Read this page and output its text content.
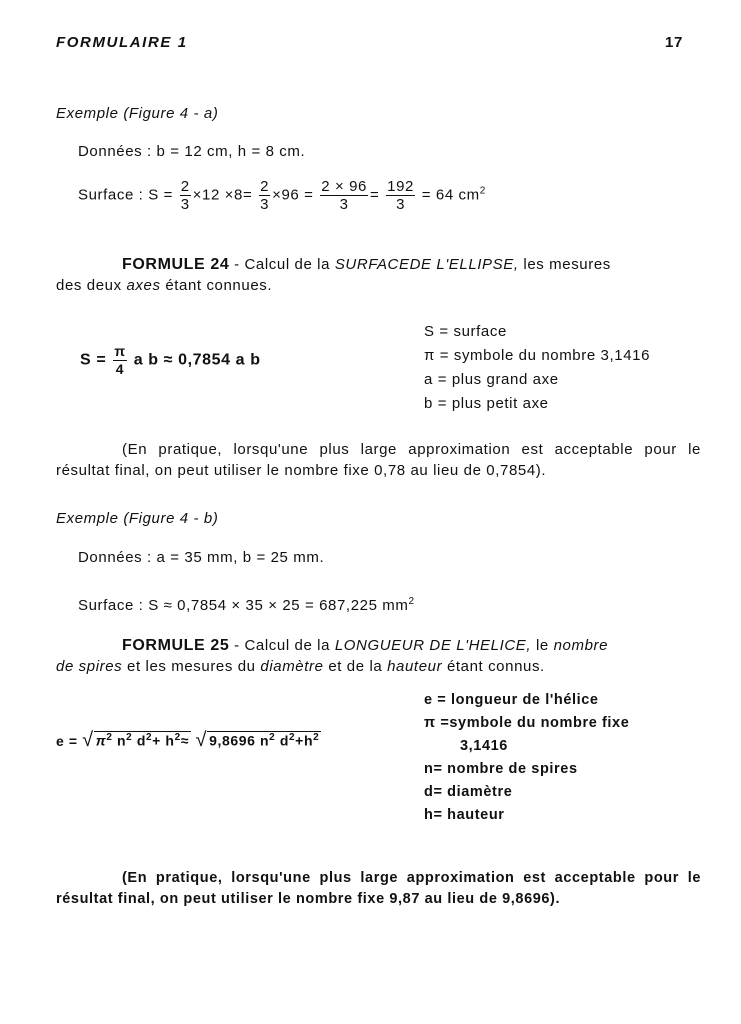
FORMULAIRE 1	17
Exemple (Figure 4 - a)
Données : b = 12 cm, h = 8 cm.
Surface : $S = \frac{2}{3} \times 12 \times 8= \frac{2}{3} \times 96 = \frac{2 \times 96}{3} = \frac{192}{3} = 64$ $cm^2$
FORMULE 24 - Calcul de la SURFACEDE L'ELLIPSE, les mesures
des deux axes étant connues.
$S = \frac{\pi}{4}$ a b ≈ 0,7854 a b
S = surface
π = symbole du nombre 3,1416
a = plus grand axe
b = plus petit axe
(En pratique, lorsqu'une plus large approximation est acceptable pour le résultat final, on peut utiliser le nombre fixe 0,78 au lieu de 0,7854).
Exemple (Figure 4 - b)
Données : a = 35 mm, b = 25 mm.
Surface : S ≈ 0,7854 × 35 × 25 = 687,225 $mm^2$
FORMULE 25 - Calcul de la LONGUEUR DE L'HELICE, le nombre
de spires et les mesures du diamètre et de la hauteur étant connus.
e = √ $\pi^2$ $n^2$ $d^2+ h^2\approx$ √ 9,8696 $n^2$ $d^2+h^2$
e = longueur de l'hélice
π =symbole du nombre fixe
3,1416
n= nombre de spires
d= diamètre
h= hauteur
(En pratique, lorsqu'une plus large approximation est acceptable pour le résultat final, on peut utiliser le nombre fixe 9,87 au lieu de 9,8696).
